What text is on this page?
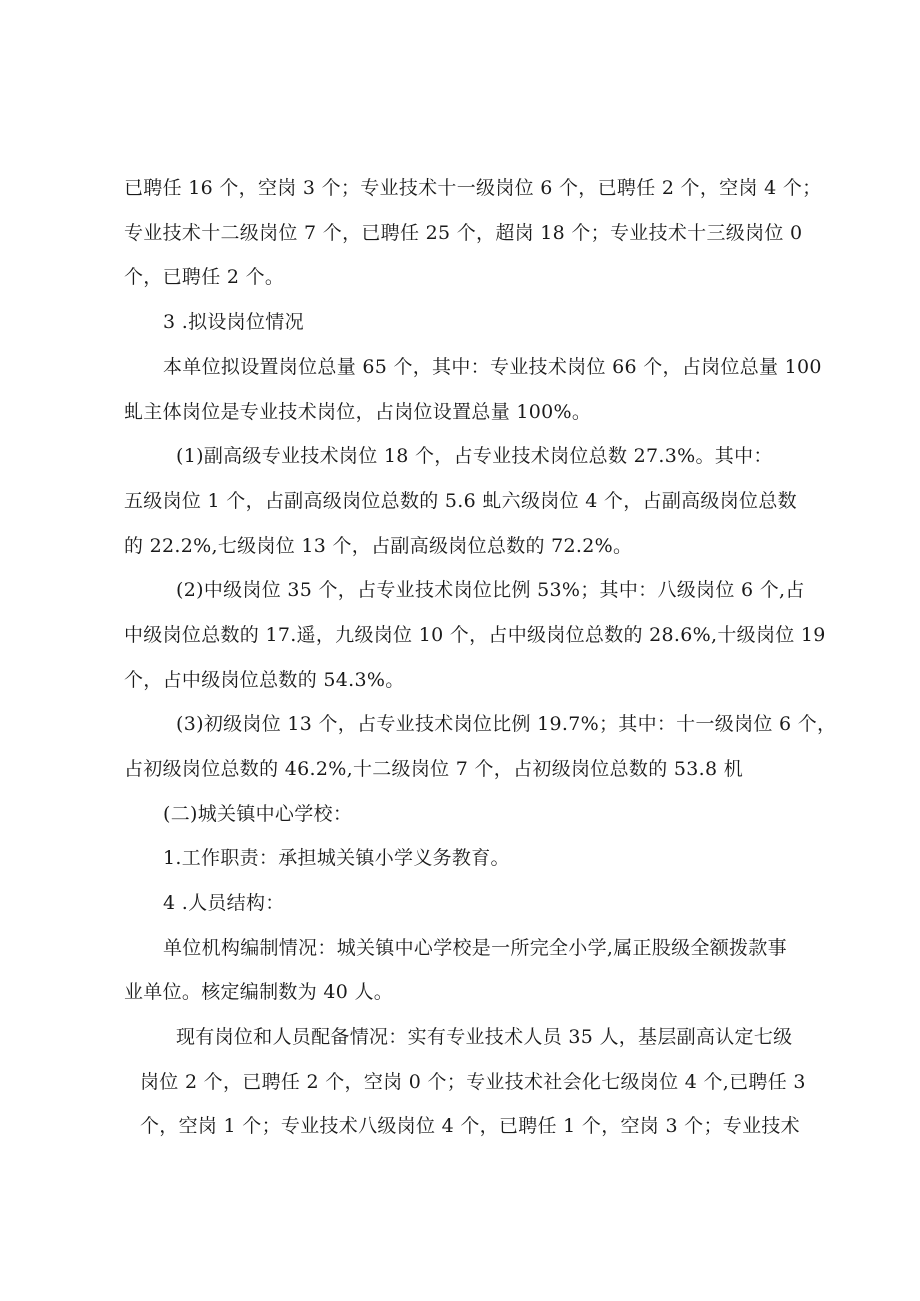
已聘任 16 个，空岗 3 个；专业技术十一级岗位 6 个，已聘任 2 个，空岗 4 个；
专业技术十二级岗位 7 个，已聘任 25 个，超岗 18 个；专业技术十三级岗位 0
个，已聘任 2 个。
3 .拟设岗位情况
本单位拟设置岗位总量 65 个，其中：专业技术岗位 66 个，占岗位总量 100
虬主体岗位是专业技术岗位，占岗位设置总量 100%。
(1)副高级专业技术岗位 18 个，占专业技术岗位总数 27.3%。其中：
五级岗位 1 个，占副高级岗位总数的 5.6 虬六级岗位 4 个，占副高级岗位总数
的 22.2%,七级岗位 13 个，占副高级岗位总数的 72.2%。
(2)中级岗位 35 个，占专业技术岗位比例 53%；其中：八级岗位 6 个,占
中级岗位总数的 17.遥，九级岗位 10 个，占中级岗位总数的 28.6%,十级岗位 19
个，占中级岗位总数的 54.3%。
(3)初级岗位 13 个，占专业技术岗位比例 19.7%；其中：十一级岗位 6 个，
占初级岗位总数的 46.2%,十二级岗位 7 个，占初级岗位总数的 53.8 机
(二)城关镇中心学校：
1.工作职责：承担城关镇小学义务教育。
4 .人员结构：
单位机构编制情况：城关镇中心学校是一所完全小学,属正股级全额拨款事
业单位。核定编制数为 40 人。
现有岗位和人员配备情况：实有专业技术人员 35 人，基层副高认定七级
岗位 2 个，已聘任 2 个，空岗 0 个；专业技术社会化七级岗位 4 个,已聘任 3
个，空岗 1 个；专业技术八级岗位 4 个，已聘任 1 个，空岗 3 个；专业技术
